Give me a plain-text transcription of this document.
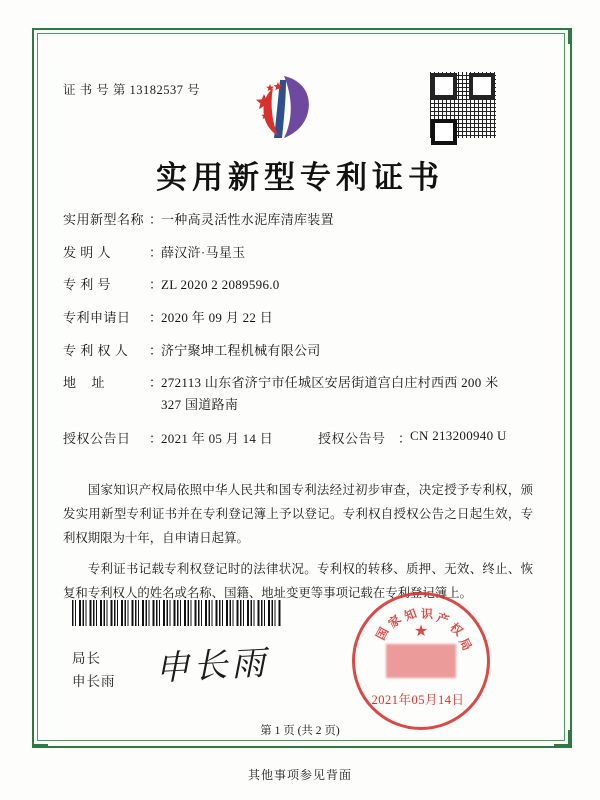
证 书 号 第 13182537 号
实用新型专利证书
实用新型名称 ：
一种高灵活性水泥库清库装置
发 明 人	：
薛汉浒·马星玉
专 利 号	：
ZL 2020 2 2089596.0
专利申请日	：
2020 年 09 月 22 日
专 利 权 人	：
济宁聚坤工程机械有限公司
地    址	：
272113 山东省济宁市任城区安居街道宫白庄村西西 200 米
327 国道路南
授权公告日	：
2021 年 05 月 14 日	授权公告号 ：
CN 213200940 U

国家知识产权局依照中华人民共和国专利法经过初步审查，决定授予专利权，颁发实用新型专利证书并在专利登记簿上予以登记。专利权自授权公告之日起生效，专利权期限为十年，自申请日起算。

专利证书记载专利权登记时的法律状况。专利权的转移、质押、无效、终止、恢复和专利权人的姓名或名称、国籍、地址变更等事项记载在专利登记簿上。

局长
申长雨 申长雨
★
国
家
知 识 产
权
局
2021年05月14日
第 1 页 (共 2 页)
其他事项参见背面
